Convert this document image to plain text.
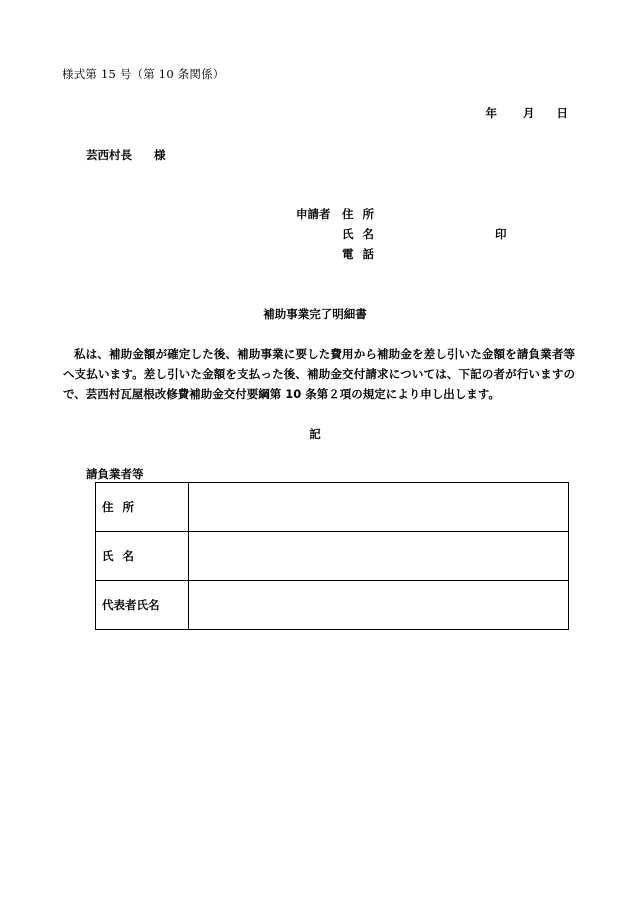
様式第 15 号（第 10 条関係）
年 月 日
芸西村長 様
申請者 住所
氏名
電話
印
補助事業完了明細書
私は、補助金額が確定した後、補助事業に要した費用から補助金を差し引いた金額を請負業者等へ支払います。差し引いた金額を支払った後、補助金交付請求については、下記の者が行いますので、芸西村瓦屋根改修費補助金交付要綱第 10 条第２項の規定により申し出します。
記
請負業者等
住所	
氏名	
代表者氏名	
